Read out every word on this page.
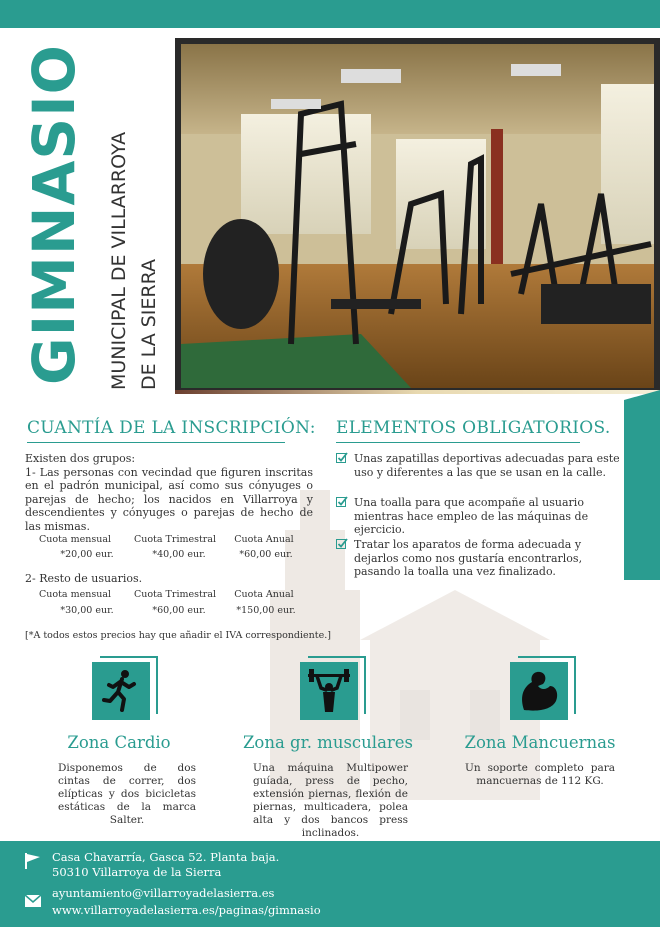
GIMNASIO MUNICIPAL DE VILLARROYA DE LA SIERRA
CUANTÍA DE LA INSCRIPCIÓN:

Existen dos grupos:

1- Las personas con vecindad que figuren inscritas en el padrón municipal, así como sus cónyuges o parejas de hecho; los nacidos en Villarroya y descendientes y cónyuges o parejas de hecho de las mismas.

Cuota mensual	Cuota Trimestral	Cuota Anual
*20,00 eur.	*40,00 eur.	*60,00 eur.
2- Resto de usuarios.
Cuota mensual	Cuota Trimestral	Cuota Anual
*30,00 eur.	*60,00 eur.	*150,00 eur.
[*A todos estos precios hay que añadir el IVA correspondiente.]
ELEMENTOS OBLIGATORIOS.
Unas zapatillas deportivas adecuadas para este uso y diferentes a las que se usan en la calle.
Una toalla para que acompañe al usuario mientras hace empleo de las máquinas de ejercicio.
Tratar los aparatos de forma adecuada y dejarlos como nos gustaría encontrarlos, pasando la toalla una vez finalizado.
Zona Cardio	Zona gr. musculares	Zona Mancuernas
Disponemos de dos cintas de correr, dos elípticas y dos bicicletas estáticas de la marca Salter.
Una máquina Multipower guíada, press de pecho, extensión piernas, flexión de piernas, multicadera, polea alta y dos bancos press inclinados.
Un soporte completo para mancuernas de 112 KG.
Casa Chavarría, Gasca 52. Planta baja.
50310 Villarroya de la Sierra
ayuntamiento@villarroyadelasierra.es
www.villarroyadelasierra.es/paginas/gimnasio
